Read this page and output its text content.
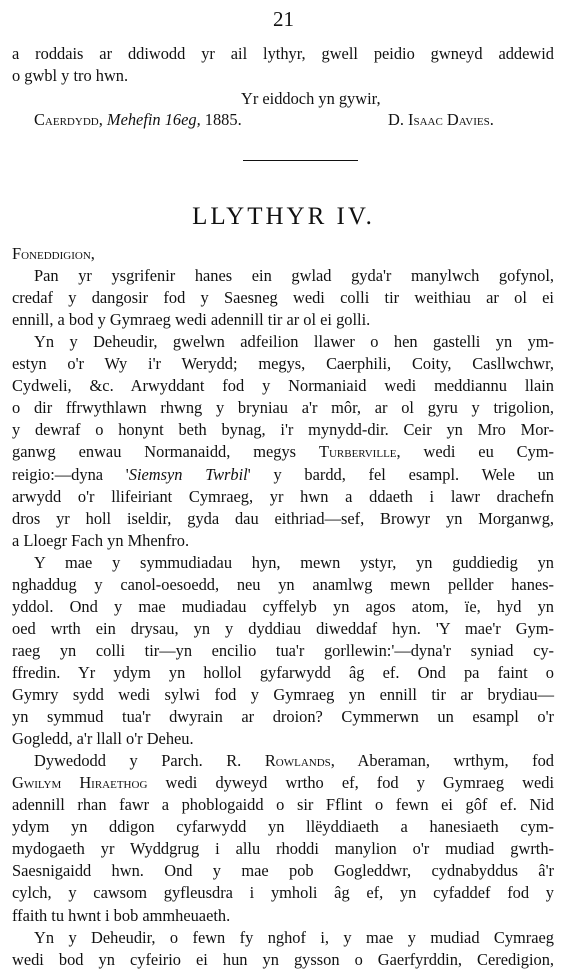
21
a roddais ar ddiwodd yr ail lythyr, gwell peidio gwneyd addewid
o gwbl y tro hwn.
Yr eiddoch yn gywir,
Caerdydd, Mehefin 16eg, 1885.	D. Isaac Davies.
LLYTHYR IV.
Foneddigion,
Pan yr ysgrifenir hanes ein gwlad gyda'r manylwch gofynol,
credaf y dangosir fod y Saesneg wedi colli tir weithiau ar ol ei
ennill, a bod y Gymraeg wedi adennill tir ar ol ei golli.
Yn y Deheudir, gwelwn adfeilion llawer o hen gastelli yn ym-
estyn o'r Wy i'r Werydd; megys, Caerphili, Coity, Casllwchwr,
Cydweli, &c. Arwyddant fod y Normaniaid wedi meddiannu llain
o dir ffrwythlawn rhwng y bryniau a'r môr, ar ol gyru y trigolion,
y dewraf o honynt beth bynag, i'r mynydd-dir. Ceir yn Mro Mor-
ganwg enwau Normanaidd, megys Turberville, wedi eu Cym-
reigio:—dyna 'Siemsyn Twrbil' y bardd, fel esampl. Wele un
arwydd o'r llifeiriant Cymraeg, yr hwn a ddaeth i lawr drachefn
dros yr holl iseldir, gyda dau eithriad—sef, Browyr yn Morganwg,
a Lloegr Fach yn Mhenfro.
Y mae y symmudiadau hyn, mewn ystyr, yn guddiedig yn
nghaddug y canol-oesoedd, neu yn anamlwg mewn pellder hanes-
yddol. Ond y mae mudiadau cyffelyb yn agos atom, ïe, hyd yn
oed wrth ein drysau, yn y dyddiau diweddaf hyn. 'Y mae'r Gym-
raeg yn colli tir—yn encilio tua'r gorllewin:'—dyna'r syniad cy-
ffredin. Yr ydym yn hollol gyfarwydd âg ef. Ond pa faint o
Gymry sydd wedi sylwi fod y Gymraeg yn ennill tir ar brydiau—
yn symmud tua'r dwyrain ar droion? Cymmerwn un esampl o'r
Gogledd, a'r llall o'r Deheu.
Dywedodd y Parch. R. Rowlands, Aberaman, wrthym, fod
Gwilym Hiraethog wedi dyweyd wrtho ef, fod y Gymraeg wedi
adennill rhan fawr a phoblogaidd o sir Fflint o fewn ei gôf ef. Nid
ydym yn ddigon cyfarwydd yn llëyddiaeth a hanesiaeth cym-
mydogaeth yr Wyddgrug i allu rhoddi manylion o'r mudiad gwrth-
Saesnigaidd hwn. Ond y mae pob Gogleddwr, cydnabyddus â'r
cylch, y cawsom gyfleusdra i ymholi âg ef, yn cyfaddef fod y
ffaith tu hwnt i bob ammheuaeth.
Yn y Deheudir, o fewn fy nghof i, y mae y mudiad Cymraeg
wedi bod yn cyfeirio ei hun yn gysson o Gaerfyrddin, Ceredigion,
